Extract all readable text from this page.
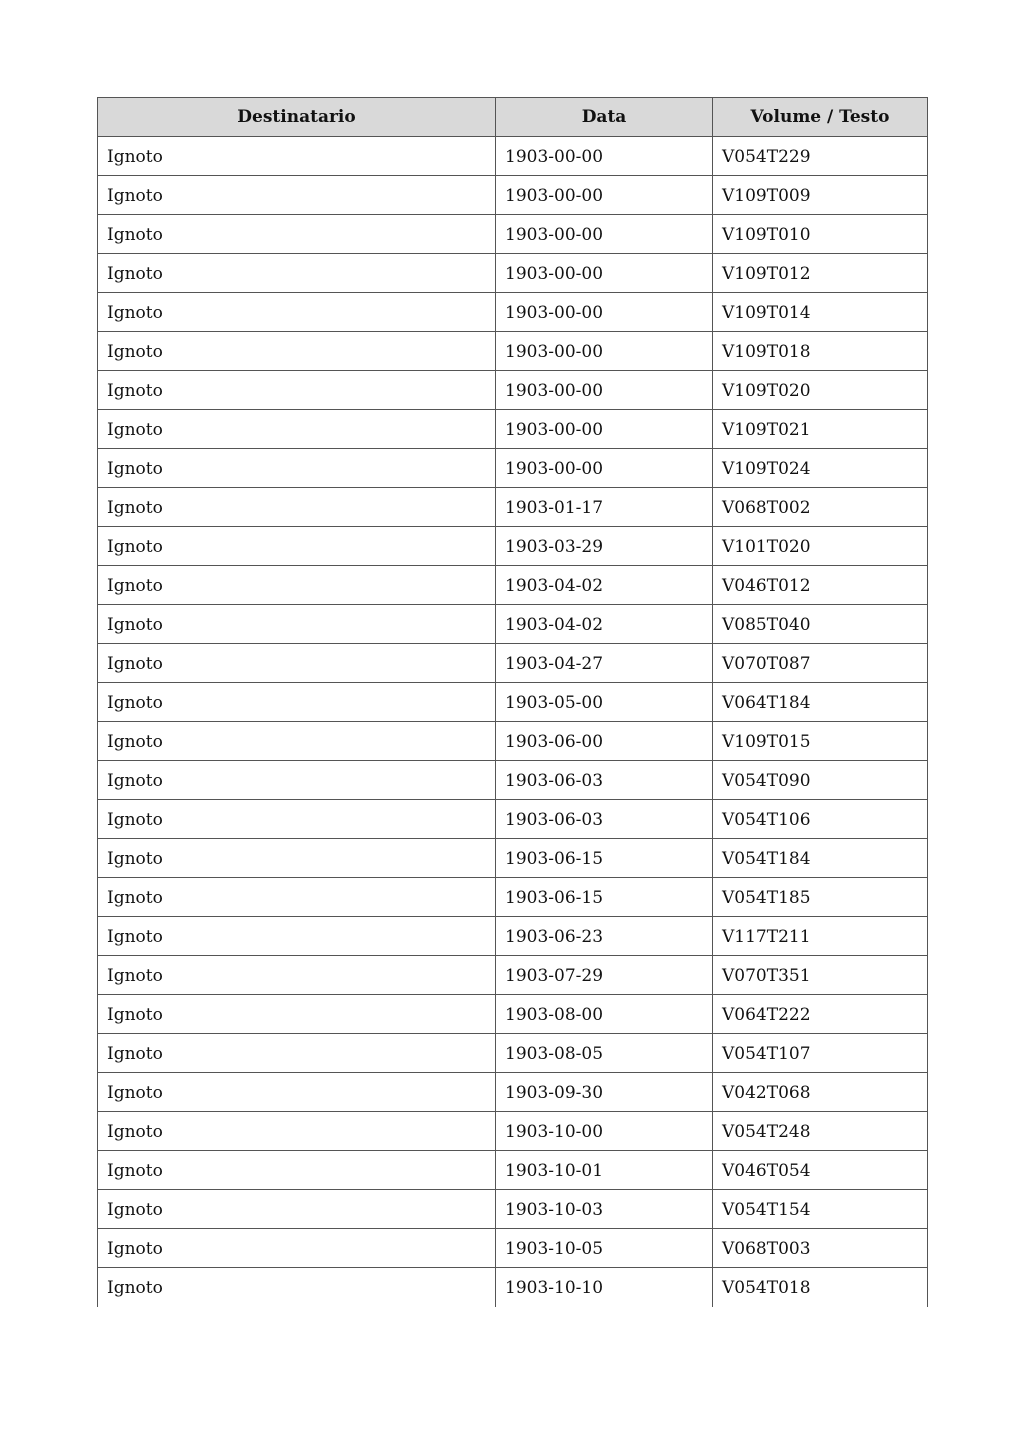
Destinatario	Data	Volume / Testo
Ignoto	1903-00-00	V054T229
Ignoto	1903-00-00	V109T009
Ignoto	1903-00-00	V109T010
Ignoto	1903-00-00	V109T012
Ignoto	1903-00-00	V109T014
Ignoto	1903-00-00	V109T018
Ignoto	1903-00-00	V109T020
Ignoto	1903-00-00	V109T021
Ignoto	1903-00-00	V109T024
Ignoto	1903-01-17	V068T002
Ignoto	1903-03-29	V101T020
Ignoto	1903-04-02	V046T012
Ignoto	1903-04-02	V085T040
Ignoto	1903-04-27	V070T087
Ignoto	1903-05-00	V064T184
Ignoto	1903-06-00	V109T015
Ignoto	1903-06-03	V054T090
Ignoto	1903-06-03	V054T106
Ignoto	1903-06-15	V054T184
Ignoto	1903-06-15	V054T185
Ignoto	1903-06-23	V117T211
Ignoto	1903-07-29	V070T351
Ignoto	1903-08-00	V064T222
Ignoto	1903-08-05	V054T107
Ignoto	1903-09-30	V042T068
Ignoto	1903-10-00	V054T248
Ignoto	1903-10-01	V046T054
Ignoto	1903-10-03	V054T154
Ignoto	1903-10-05	V068T003
Ignoto	1903-10-10	V054T018
